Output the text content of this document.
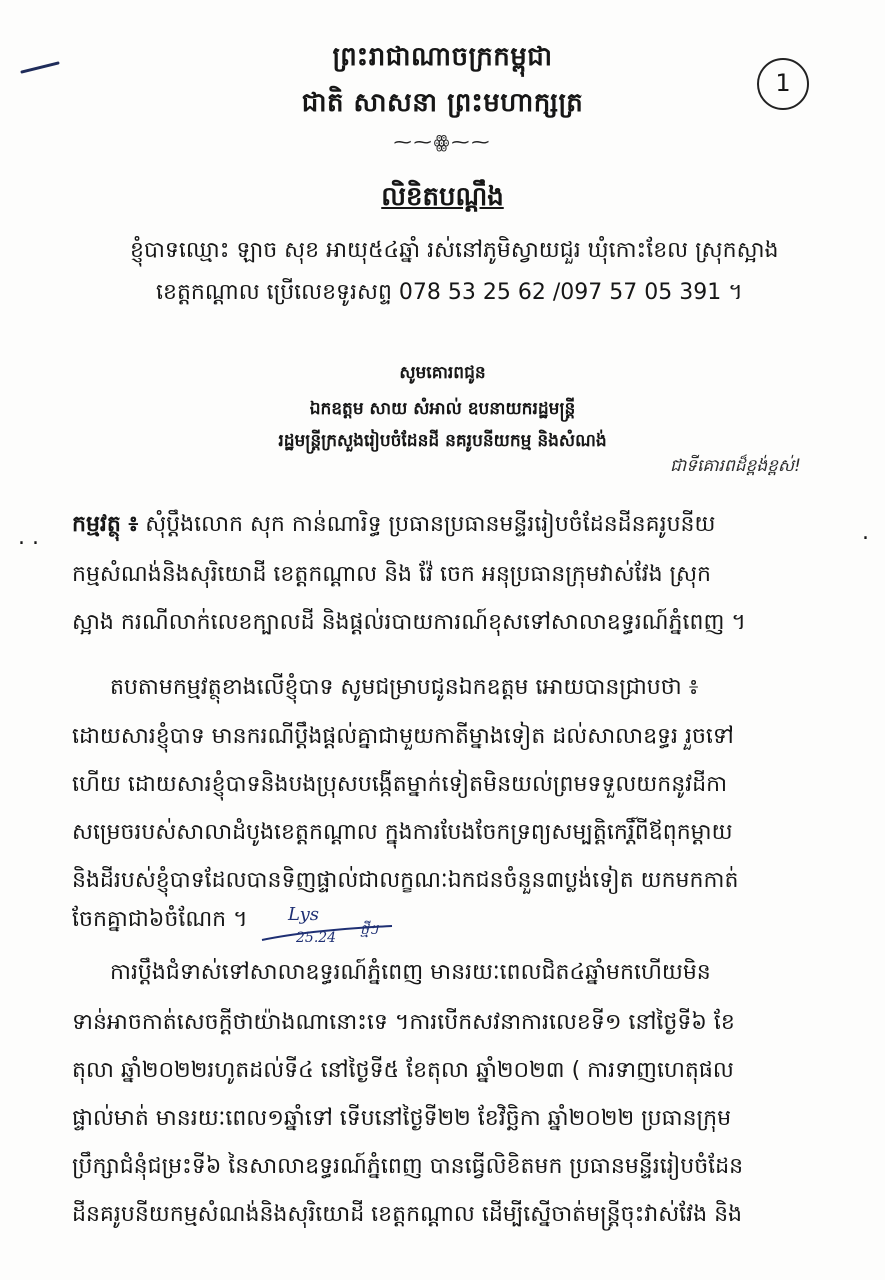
ព្រះរាជាណាចក្រកម្ពុជា
ជាតិ សាសនា ព្រះមហាក្សត្រ
⁓⁓ꙮ⁓⁓
1
លិខិតបណ្តឹង
ខ្ញុំបាទឈ្មោះ ឡាច សុខ អាយុ៥៤ឆ្នាំ រស់នៅភូមិស្វាយជួរ ឃុំកោះខែល ស្រុកស្អាង
ខេត្តកណ្តាល ប្រើលេខទូរសព្ទ 078 53 25 62 /097 57 05 391 ។
សូមគោរពជូន
ឯកឧត្តម សាយ សំអាល់ ឧបនាយករដ្ឋមន្ត្រី
រដ្ឋមន្ត្រីក្រសួងរៀបចំដែនដី នគរូបនីយកម្ម និងសំណង់
ជាទីគោរពដ៏ខ្ពង់ខ្ពស់!
. .	.
កម្មវត្ថុ ៖ សុំប្តឹងលោក សុក កាន់ណារិទ្ធ ប្រធានប្រធានមន្ទីររៀបចំដែនដីនគរូបនីយ
កម្មសំណង់និងសុរិយោដី ខេត្តកណ្តាល និង វ៉ែ ចេក អនុប្រធានក្រុមវាស់វែង ស្រុក
ស្អាង ករណីលាក់លេខក្បាលដី និងផ្តល់របាយការណ៍ខុសទៅសាលាឧទ្ធរណ៍ភ្នំពេញ ។
តបតាមកម្មវត្ថុខាងលើខ្ញុំបាទ សូមជម្រាបជូនឯកឧត្តម អោយបានជ្រាបថា ៖
ដោយសារខ្ញុំបាទ មានករណីប្តឹងផ្តល់គ្នាជាមួយកាតីម្នាងទៀត ដល់សាលាឧទ្ធរ រួចទៅ
ហើយ ដោយសារខ្ញុំបាទនិងបងប្រុសបង្កើតម្នាក់ទៀតមិនយល់ព្រមទទួលយកនូវដីកា
សម្រេចរបស់សាលាដំបូងខេត្តកណ្តាល ក្នុងការបែងចែកទ្រព្យសម្បត្តិកេរ្តិ៍ពីឪពុកម្តាយ
និងដីរបស់ខ្ញុំបាទដែលបានទិញផ្ទាល់ជាលក្ខណៈឯកជនចំនួន៣ប្លង់ទៀត យកមកកាត់
ចែកគ្នាជា៦ចំណែក ។ Lys
25.24 ថ្មីៗ
ការប្តឹងជំទាស់ទៅសាលាឧទ្ធរណ៍ភ្នំពេញ មានរយៈពេលជិត៤ឆ្នាំមកហើយមិន
ទាន់អាចកាត់សេចក្តីថាយ៉ាងណានោះទេ ។ការបើកសវនាការលេខទី១ នៅថ្ងៃទី៦ ខែ
តុលា ឆ្នាំ២០២២រហូតដល់ទី៤ នៅថ្ងៃទី៥ ខែតុលា ឆ្នាំ២០២៣ ( ការទាញហេតុផល
ផ្ទាល់មាត់ មានរយៈពេល១ឆ្នាំទៅ ទើបនៅថ្ងៃទី២២ ខែវិច្ឆិកា ឆ្នាំ២០២២ ប្រធានក្រុម
ប្រឹក្សាជំនុំជម្រះទី៦ នៃសាលាឧទ្ធរណ៍ភ្នំពេញ បានធ្វើលិខិតមក ប្រធានមន្ទីររៀបចំដែន
ដីនគរូបនីយកម្មសំណង់និងសុរិយោដី ខេត្តកណ្តាល ដើម្បីស្នើចាត់មន្ត្រីចុះវាស់វែង និង
